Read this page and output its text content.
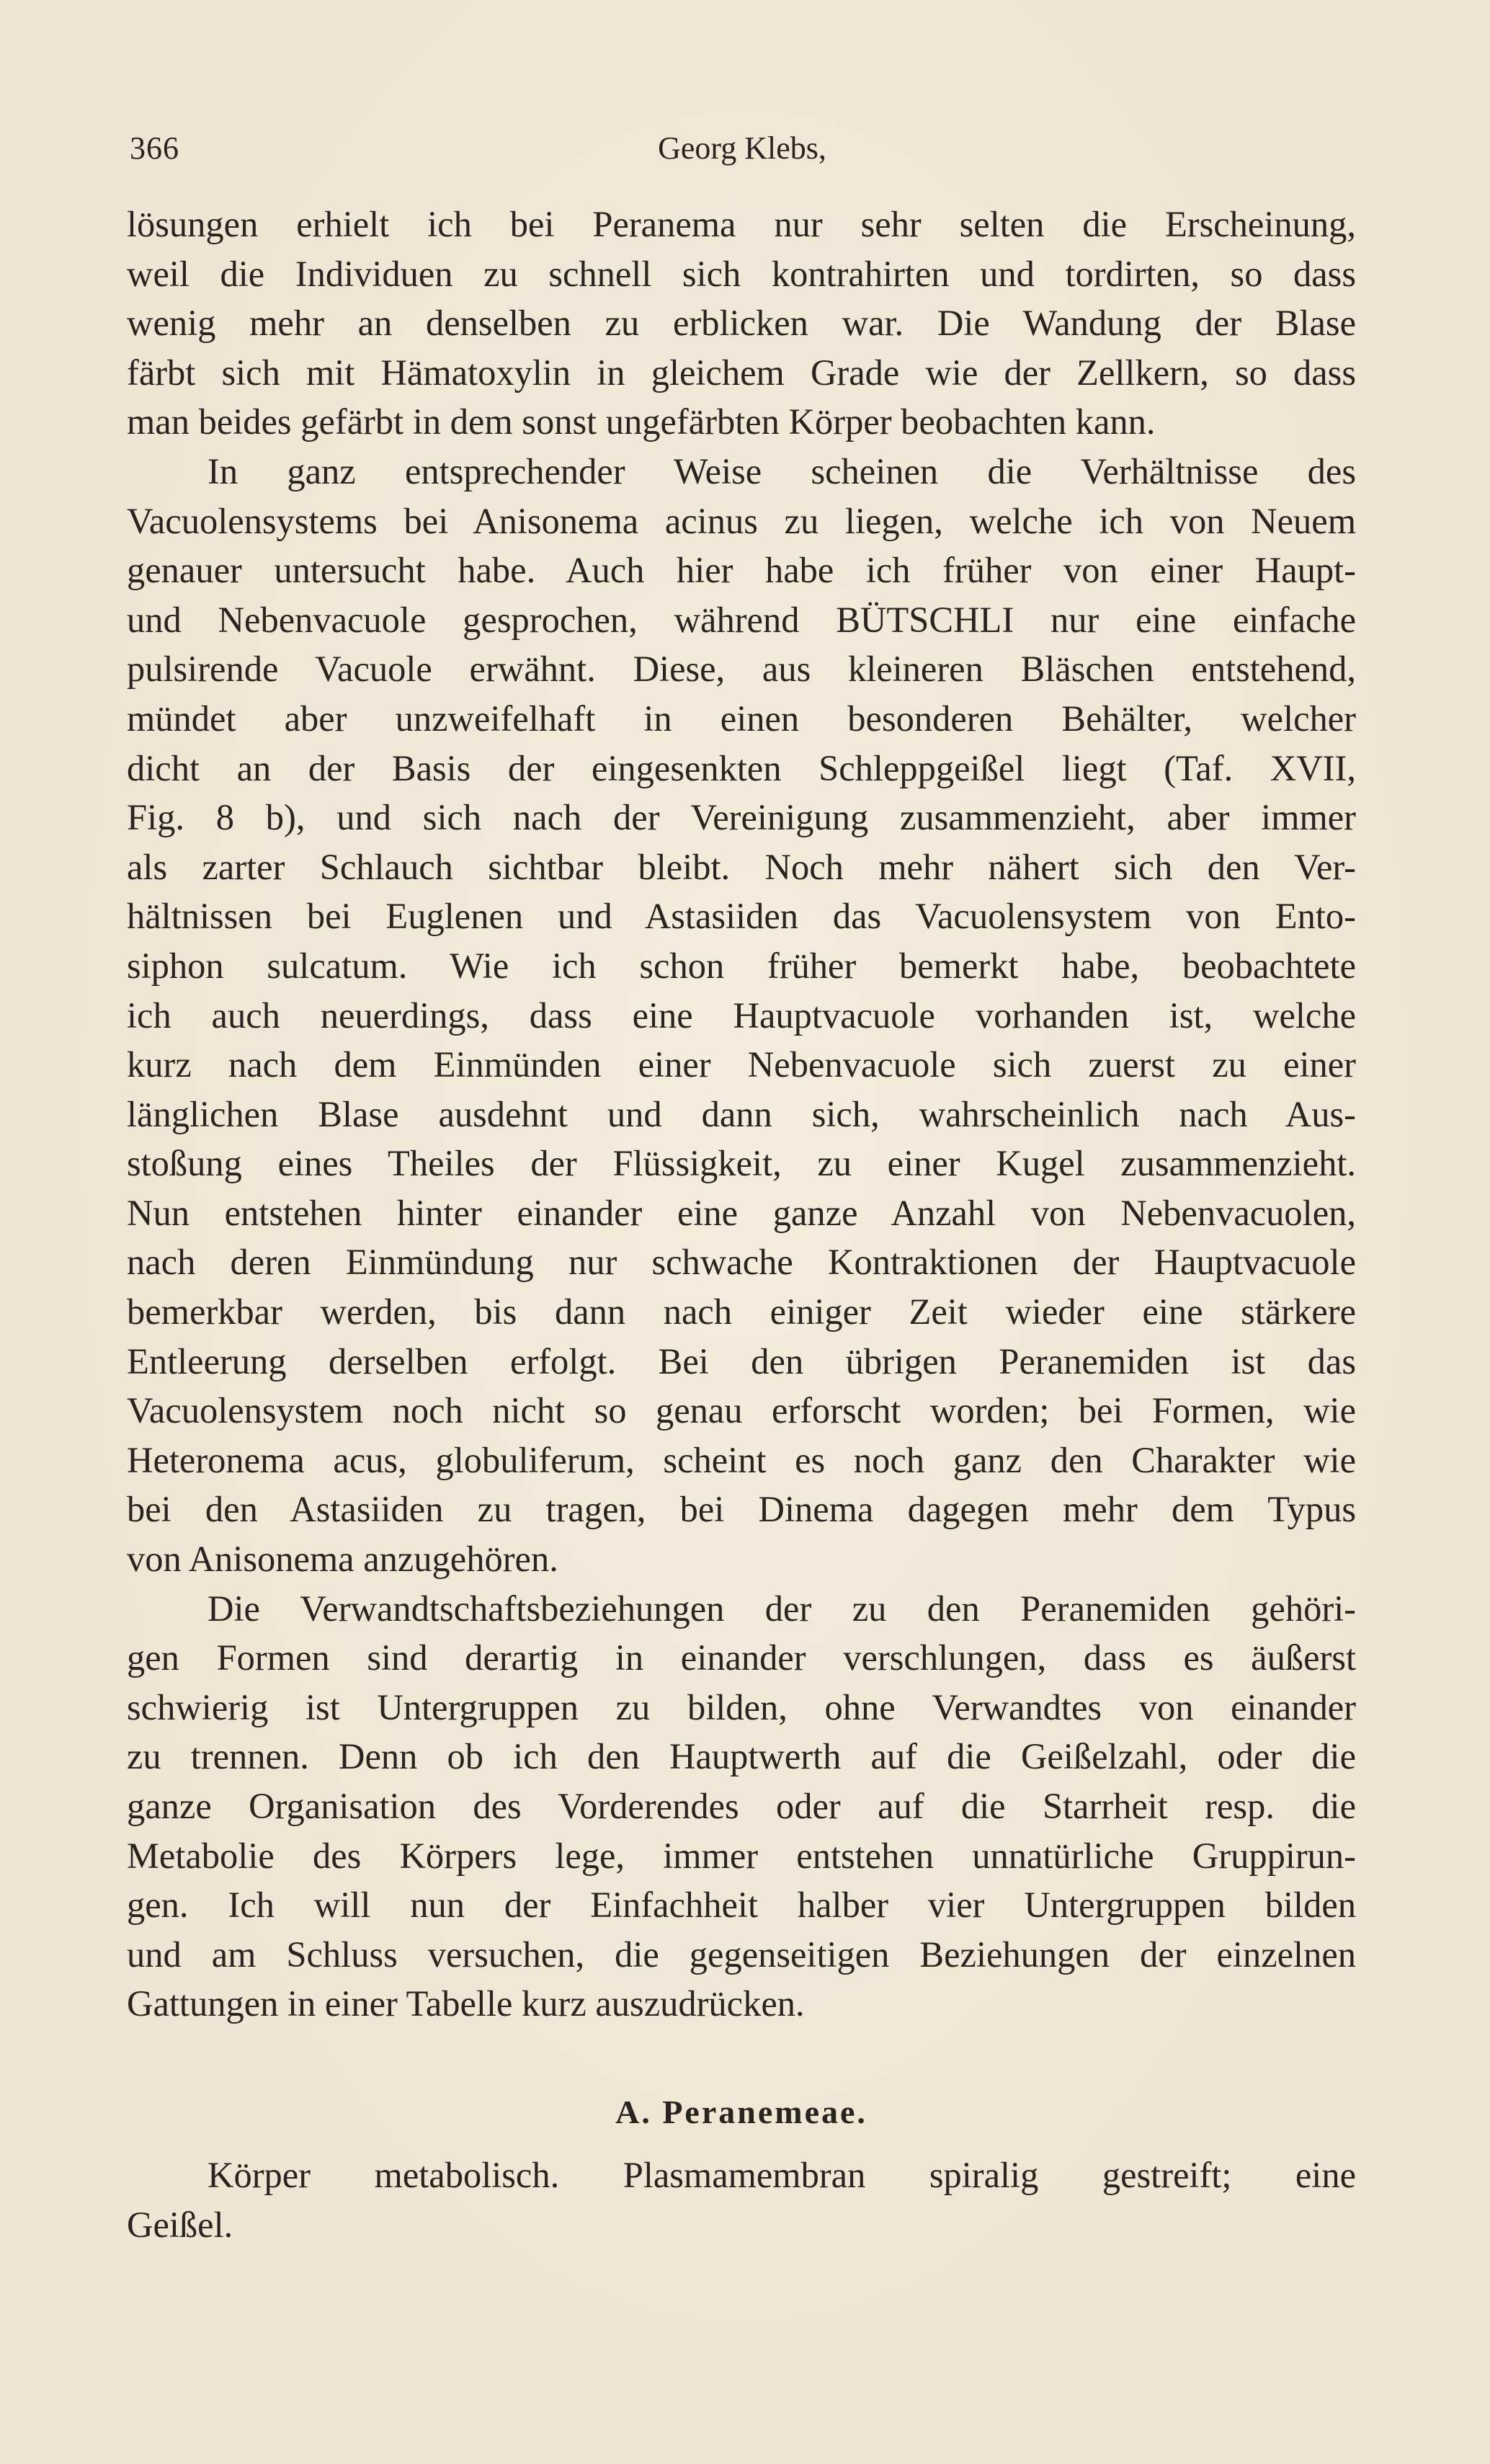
366	Georg Klebs,
lösungen erhielt ich bei Peranema nur sehr selten die Erscheinung,
weil die Individuen zu schnell sich kontrahirten und tordirten, so dass
wenig mehr an denselben zu erblicken war. Die Wandung der Blase
färbt sich mit Hämatoxylin in gleichem Grade wie der Zellkern, so dass
man beides gefärbt in dem sonst ungefärbten Körper beobachten kann.
In ganz entsprechender Weise scheinen die Verhältnisse des
Vacuolensystems bei Anisonema acinus zu liegen, welche ich von Neuem
genauer untersucht habe. Auch hier habe ich früher von einer Haupt-
und Nebenvacuole gesprochen, während BÜTSCHLI nur eine einfache
pulsirende Vacuole erwähnt. Diese, aus kleineren Bläschen entstehend,
mündet aber unzweifelhaft in einen besonderen Behälter, welcher
dicht an der Basis der eingesenkten Schleppgeißel liegt (Taf. XVII,
Fig. 8 b), und sich nach der Vereinigung zusammenzieht, aber immer
als zarter Schlauch sichtbar bleibt. Noch mehr nähert sich den Ver-
hältnissen bei Euglenen und Astasiiden das Vacuolensystem von Ento-
siphon sulcatum. Wie ich schon früher bemerkt habe, beobachtete
ich auch neuerdings, dass eine Hauptvacuole vorhanden ist, welche
kurz nach dem Einmünden einer Nebenvacuole sich zuerst zu einer
länglichen Blase ausdehnt und dann sich, wahrscheinlich nach Aus-
stoßung eines Theiles der Flüssigkeit, zu einer Kugel zusammenzieht.
Nun entstehen hinter einander eine ganze Anzahl von Nebenvacuolen,
nach deren Einmündung nur schwache Kontraktionen der Hauptvacuole
bemerkbar werden, bis dann nach einiger Zeit wieder eine stärkere
Entleerung derselben erfolgt. Bei den übrigen Peranemiden ist das
Vacuolensystem noch nicht so genau erforscht worden; bei Formen, wie
Heteronema acus, globuliferum, scheint es noch ganz den Charakter wie
bei den Astasiiden zu tragen, bei Dinema dagegen mehr dem Typus
von Anisonema anzugehören.
Die Verwandtschaftsbeziehungen der zu den Peranemiden gehöri-
gen Formen sind derartig in einander verschlungen, dass es äußerst
schwierig ist Untergruppen zu bilden, ohne Verwandtes von einander
zu trennen. Denn ob ich den Hauptwerth auf die Geißelzahl, oder die
ganze Organisation des Vorderendes oder auf die Starrheit resp. die
Metabolie des Körpers lege, immer entstehen unnatürliche Gruppirun-
gen. Ich will nun der Einfachheit halber vier Untergruppen bilden
und am Schluss versuchen, die gegenseitigen Beziehungen der einzelnen
Gattungen in einer Tabelle kurz auszudrücken.
A. Peranemeae.
Körper metabolisch. Plasmamembran spiralig gestreift; eine
Geißel.
